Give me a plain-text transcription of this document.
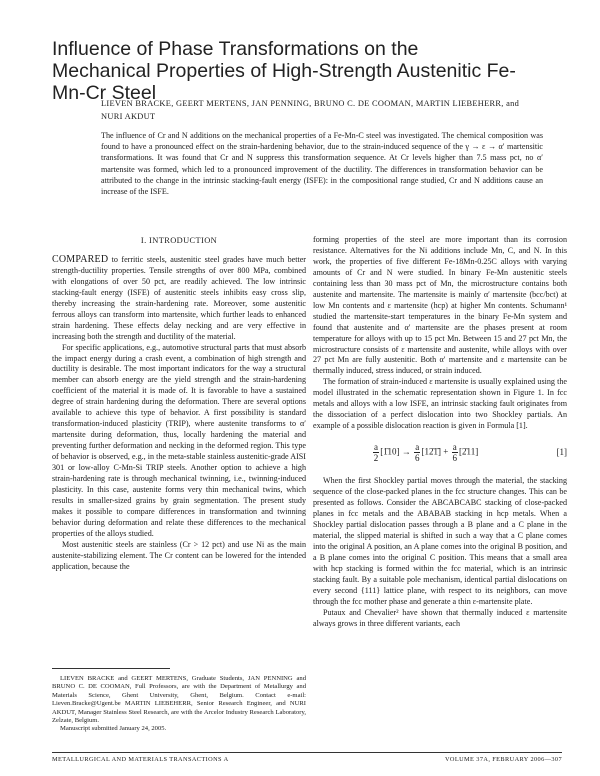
Influence of Phase Transformations on the Mechanical Properties of High-Strength Austenitic Fe-Mn-Cr Steel
LIEVEN BRACKE, GEERT MERTENS, JAN PENNING, BRUNO C. DE COOMAN, MARTIN LIEBEHERR, and NURI AKDUT

The influence of Cr and N additions on the mechanical properties of a Fe-Mn-C steel was investigated. The chemical composition was found to have a pronounced effect on the strain-hardening behavior, due to the strain-induced sequence of the γ → ε → α′ martensitic transformations. It was found that Cr and N suppress this transformation sequence. At Cr levels higher than 7.5 mass pct, no α′ martensite was formed, which led to a pronounced improvement of the ductility. The differences in transformation behavior can be attributed to the change in the intrinsic stacking-fault energy (ISFE): in the compositional range studied, Cr and N additions cause an increase of the ISFE.

I. INTRODUCTION

COMPARED to ferritic steels, austenitic steel grades have much better strength-ductility properties. Tensile strengths of over 800 MPa, combined with elongations of over 50 pct, are readily achieved. The low intrinsic stacking-fault energy (ISFE) of austenitic steels inhibits easy cross slip, thereby increasing the strain-hardening rate. Moreover, some austenitic ferrous alloys can transform into martensite, which further leads to enhanced strain hardening. These effects delay necking and are very effective in increasing both the strength and ductility of the material.

For specific applications, e.g., automotive structural parts that must absorb the impact energy during a crash event, a combination of high strength and ductility is desirable. The most important indicators for the way a structural member can absorb energy are the yield strength and the strain-hardening coefficient of the material it is made of. It is favorable to have a sustained degree of strain hardening during the deformation. There are several options available to achieve this type of behavior. A first possibility is standard transformation-induced plasticity (TRIP), where austenite transforms to α′ martensite during deformation, thus, locally hardening the material and preventing further deformation and necking in the deformed region. This type of behavior is observed, e.g., in the meta-stable stainless austenitic-grade AISI 301 or low-alloy C-Mn-Si TRIP steels. Another option to achieve a high strain-hardening rate is through mechanical twinning, i.e., twinning-induced plasticity. In this case, austenite forms very thin mechanical twins, which results in smaller-sized grains by grain segmentation. The present study makes it possible to compare differences in transformation and twinning behavior during deformation and relate these differences to the mechanical properties of the alloys studied.

Most austenitic steels are stainless (Cr > 12 pct) and use Ni as the main austenite-stabilizing element. The Cr content can be lowered for the intended application, because the

forming properties of the steel are more important than its corrosion resistance. Alternatives for the Ni additions include Mn, C, and N. In this work, the properties of five different Fe-18Mn-0.25C alloys with varying amounts of Cr and N were studied. In binary Fe-Mn austenitic steels containing less than 30 mass pct of Mn, the microstructure contains both austenite and martensite. The martensite is mainly α′ martensite (bcc/bct) at low Mn contents and ε martensite (hcp) at higher Mn contents. Schumann¹ studied the martensite-start temperatures in the binary Fe-Mn system and found that austenite and α′ martensite are the phases present at room temperature for alloys with up to 15 pct Mn. Between 15 and 27 pct Mn, the microstructure consists of ε martensite and austenite, while alloys with over 27 pct Mn are fully austenitic. Both α′ martensite and ε martensite can be thermally induced, stress induced, or strain induced.

The formation of strain-induced ε martensite is usually explained using the model illustrated in the schematic representation shown in Figure 1. In fcc metals and alloys with a low ISFE, an intrinsic stacking fault originates from the dissociation of a perfect dislocation into two Shockley partials. An example of a possible dislocation reaction is given in Formula [1].

$\frac{a}{2}$ [1̄10] → $\frac{a}{6}$ [12̄1̄] + $\frac{a}{6}$ [2̄11]	[1]

When the first Shockley partial moves through the material, the stacking sequence of the close-packed planes in the fcc structure changes. This can be presented as follows. Consider the ABCABCABC stacking of close-packed planes in fcc metals and the ABABAB stacking in hcp metals. When a Shockley partial dislocation passes through a B plane and a C plane in the material, the slipped material is shifted in such a way that a C plane comes into the original A position, an A plane comes into the original B position, and a B plane comes into the original C position. This means that a small area with hcp stacking is formed within the fcc material, which is an intrinsic stacking fault. By a suitable pole mechanism, identical partial dislocations on every second {111} lattice plane, with respect to its neighbors, can move through the fcc mother phase and generate a thin ε-martensite plate.

Putaux and Chevalier² have shown that thermally induced ε martensite always grows in three different variants, each

LIEVEN BRACKE and GEERT MERTENS, Graduate Students, JAN PENNING and BRUNO C. DE COOMAN, Full Professors, are with the Department of Metallurgy and Materials Science, Ghent University, Ghent, Belgium. Contact e-mail: Lieven.Bracke@Ugent.be MARTIN LIEBEHERR, Senior Research Engineer, and NURI AKDUT, Manager Stainless Steel Research, are with the Arcelor Industry Research Laboratory, Zelzate, Belgium.

Manuscript submitted January 24, 2005.

METALLURGICAL AND MATERIALS TRANSACTIONS A	VOLUME 37A, FEBRUARY 2006—307
